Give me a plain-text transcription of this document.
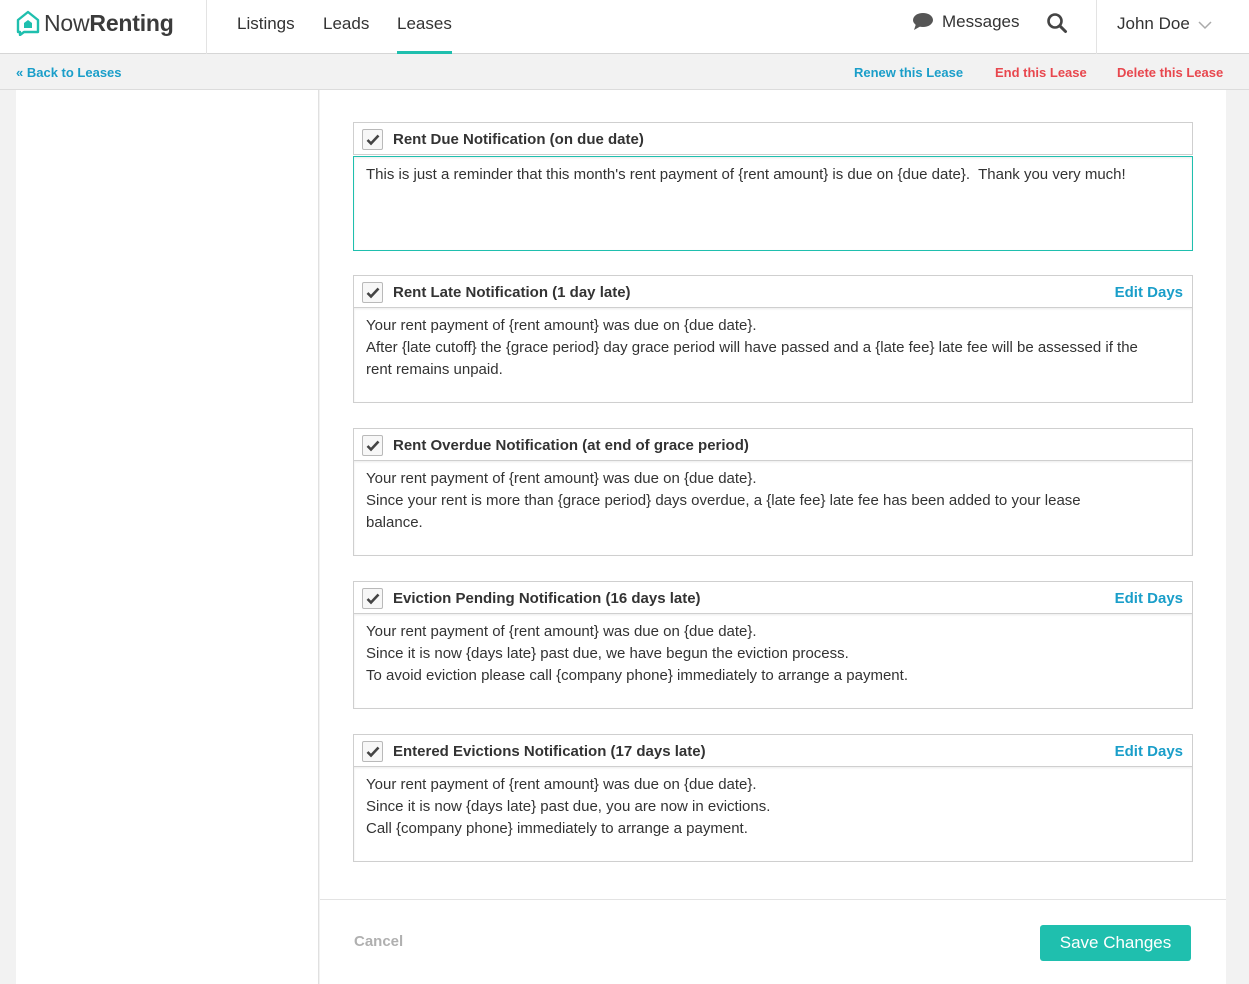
NowRenting	Listings Leads Leases	Messages	John Doe
« Back to Leases	Renew this Lease End this Lease Delete this Lease
Rent Due Notification (on due date)
This is just a reminder that this month's rent payment of {rent amount} is due on {due date}.  Thank you very much!
Rent Late Notification (1 day late)	Edit Days
Your rent payment of {rent amount} was due on {due date}.
After {late cutoff} the {grace period} day grace period will have passed and a {late fee} late fee will be assessed if the
rent remains unpaid.
Rent Overdue Notification (at end of grace period)
Your rent payment of {rent amount} was due on {due date}.
Since your rent is more than {grace period} days overdue, a {late fee} late fee has been added to your lease
balance.
Eviction Pending Notification (16 days late)	Edit Days
Your rent payment of {rent amount} was due on {due date}.
Since it is now {days late} past due, we have begun the eviction process.
To avoid eviction please call {company phone} immediately to arrange a payment.
Entered Evictions Notification (17 days late)	Edit Days
Your rent payment of {rent amount} was due on {due date}.
Since it is now {days late} past due, you are now in evictions.
Call {company phone} immediately to arrange a payment.
Cancel	Save Changes
